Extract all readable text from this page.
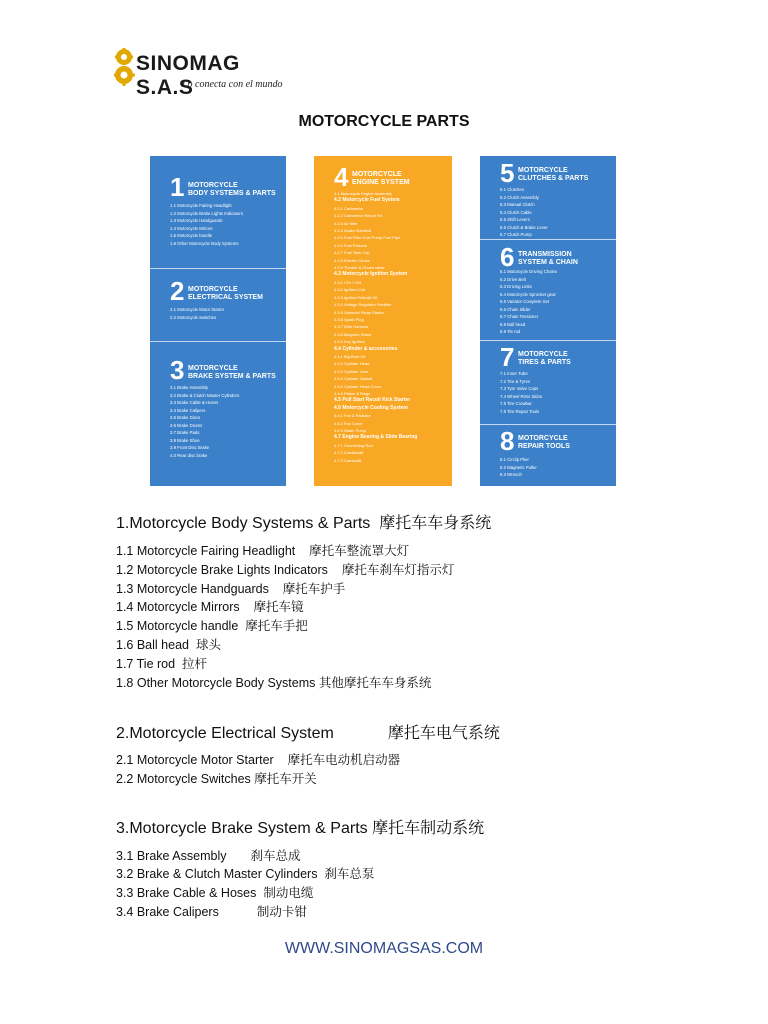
SINOMAG S.A.S
Lo conecta con el mundo
MOTORCYCLE PARTS
1 MOTORCYCLE
BODY SYSTEMS & PARTS
1.1 Motorcycle Fairing Headlight
1.2 Motorcycle Brake Lights Indicators
1.3 Motorcycle Handguards
1.4 Motorcycle Mirrors
1.5 Motorcycle handle
1.6 Other Motorcycle Body Systems
2 MOTORCYCLE
ELECTRICAL SYSTEM
2.1 Motorcycle Motor Starter
2.2 Motorcycle Switches
3 MOTORCYCLE
BRAKE SYSTEM & PARTS
3.1 Brake Assembly
3.2 Brake & Clutch Master Cylinders
3.3 Brake Cable & Hoses
3.4 Brake Calipers
3.5 Brake Discs
3.6 Brake Drums
3.7 Brake Pads
3.8 Brake Shoe
3.9 Front Disc Brake
4.0 Rear disc brake
4 MOTORCYCLE
ENGINE SYSTEM
4.1 Motorcycle Engine Assembly
4.2 Motorcycle Fuel System
4.2.1 Carburetor
4.2.2 Carburetor Repair Kit
4.2.3 Air filter
4.2.4 Intake Manifold
4.2.5 Fuel Filter Fuel Pump Fuel Pipe
4.2.6 Fuel Petcock
4.2.7 Fuel Tank Cap
4.2.8 Electric Choke
4.2.9 Throttle & Choke cable
4.3 Motorcycle Ignition System
4.3.1 CDI / CDI
4.3.2 Ignition Coil
4.3.3 Ignition Rebuild Kit
4.3.4 Voltage Regulator Rectifier
4.3.5 Solenoid Relay Starter
4.3.6 Spark Plug
4.3.7 Wire Harness
4.3.8 Magneto Stator
4.3.9 Key Ignition
4.4 Cylinder & accessories
4.4.1 Big Bore Kit
4.4.2 Cylinder Head
4.4.3 Cylinder Liner
4.4.4 Cylinder Gasket
4.4.5 Cylinder Head Cover
4.4.6 Piston & Rings
4.5 Pull Start Recoil Kick Starter
4.6 Motorcycle Cooling System
4.6.1 Fan & Radiator
4.6.2 Fan Cover
4.6.3 Water Pump
4.7 Engine Bearing & Slide Bearing
4.7.1 Connecting Rod
4.7.2 Crankshaft
4.7.3 Camshaft
5 MOTORCYCLE
CLUTCHES & PARTS
5.1 Clutches
5.2 Clutch Assembly
5.3 Manual Clutch
5.4 Clutch Cable
5.5 Shift Levers
5.6 Clutch & Brake Lever
5.7 Clutch Pump
6 TRANSMISSION
SYSTEM & CHAIN
6.1 Motorcycle Driving Chains
6.2 Drive Belt
6.3 Driving Links
6.4 Motorcycle Sprocket gear
6.5 Variator Complete Set
6.6 Chain Slider
6.7 Chain Tensioner
6.8 Ball head
6.9 Tie rod
7 MOTORCYCLE
TIRES & PARTS
7.1 Inner Tube
7.2 Tire & Tyres
7.3 Tyre Valve Caps
7.4 Wheel Rims Skins
7.5 Tire Crowbar
7.6 Tire Repair Tools
8 MOTORCYCLE
REPAIR TOOLS
8.1 Circlip Plier
8.2 Magnetic Puller
8.3 Wrench
1.Motorcycle Body Systems & Parts 摩托车车身系统
1.1 Motorcycle Fairing Headlight 摩托车整流罩大灯
1.2 Motorcycle Brake Lights Indicators 摩托车刹车灯指示灯
1.3 Motorcycle Handguards 摩托车护手
1.4 Motorcycle Mirrors 摩托车镜
1.5 Motorcycle handle 摩托车手把
1.6 Ball head 球头
1.7 Tie rod 拉杆
1.8 Other Motorcycle Body Systems 其他摩托车车身系统
2.Motorcycle Electrical System	摩托车电气系统
2.1 Motorcycle Motor Starter 摩托车电动机启动器
2.2 Motorcycle Switches 摩托车开关
3.Motorcycle Brake System & Parts 摩托车制动系统
3.1 Brake Assembly 刹车总成
3.2 Brake & Clutch Master Cylinders 刹车总泵
3.3 Brake Cable & Hoses 制动电缆
3.4 Brake Calipers	制动卡钳
WWW.SINOMAGSAS.COM
